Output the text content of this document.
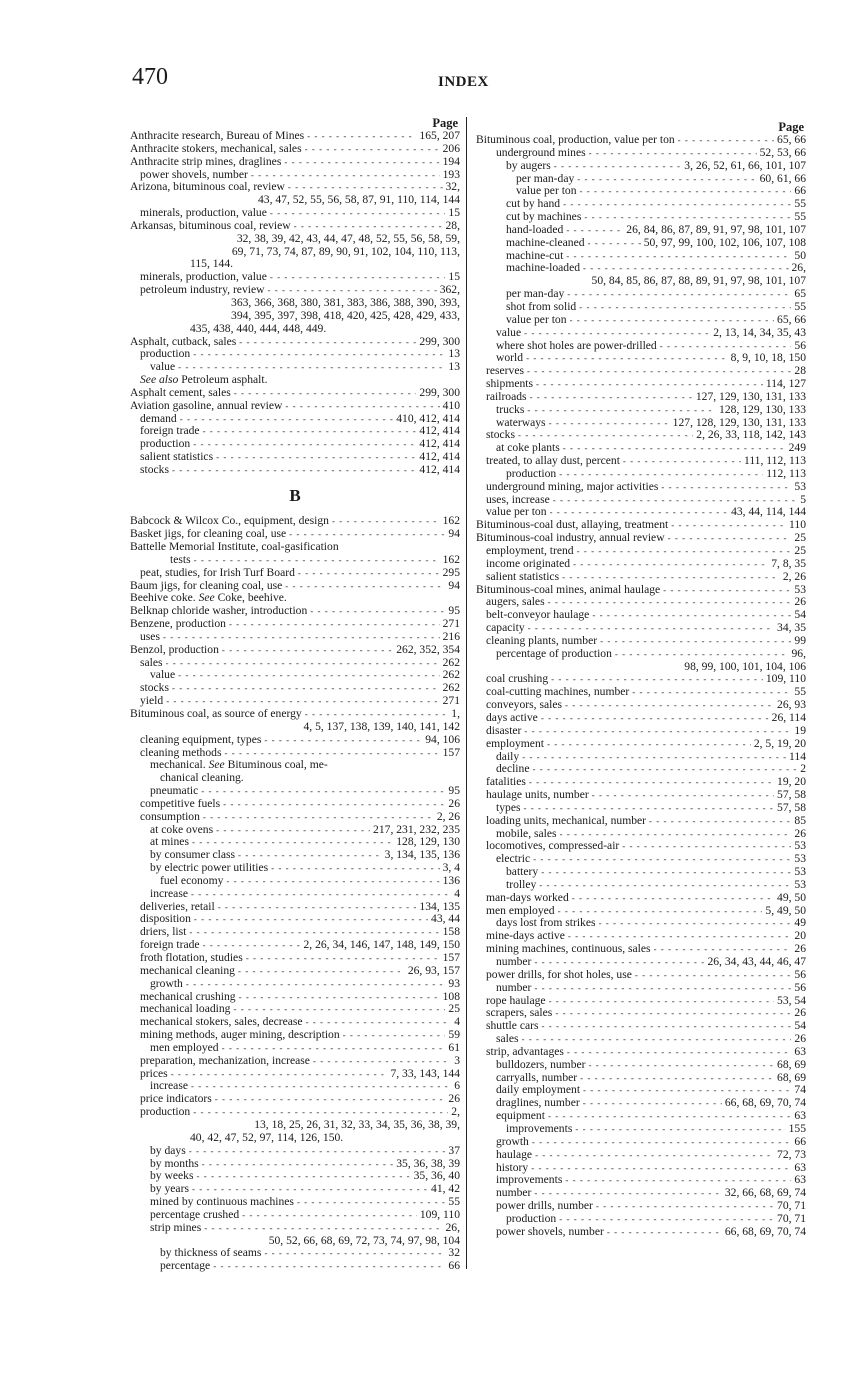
470	INDEX
Page
Anthracite research, Bureau of Mines - - -	165, 207
Anthracite stokers, mechanical, sales - - -	206
Anthracite strip mines, draglines - - -	194
power shovels, number - - -	193
Arizona, bituminous coal, review - - -	32,
43, 47, 52, 55, 56, 58, 87, 91, 110, 114, 144
minerals, production, value - - -	15
Arkansas, bituminous coal, review - - -	28,
32, 38, 39, 42, 43, 44, 47, 48, 52, 55, 56, 58, 59,
69, 71, 73, 74, 87, 89, 90, 91, 102, 104, 110, 113,
115, 144.
minerals, production, value - - -	15
petroleum industry, review - - -	362,
363, 366, 368, 380, 381, 383, 386, 388, 390, 393,
394, 395, 397, 398, 418, 420, 425, 428, 429, 433,
435, 438, 440, 444, 448, 449.
Asphalt, cutback, sales - - -	299, 300
production - - -	13
value - - -	13
See also Petroleum asphalt.
Asphalt cement, sales - - -	299, 300
Aviation gasoline, annual review - - -	410
demand - - -	410, 412, 414
foreign trade - - -	412, 414
production - - -	412, 414
salient statistics - - -	412, 414
stocks - - -	412, 414
B
Babcock & Wilcox Co., equipment, design - - -	162
Basket jigs, for cleaning coal, use - - -	94
Battelle Memorial Institute, coal-gasification
tests - - -	162
peat, studies, for Irish Turf Board - - -	295
Baum jigs, for cleaning coal, use - - -	94
Beehive coke. See Coke, beehive.
Belknap chloride washer, introduction - - -	95
Benzene, production - - -	271
uses - - -	216
Benzol, production - - -	262, 352, 354
sales - - -	262
value - - -	262
stocks - - -	262
yield - - -	271
Bituminous coal, as source of energy - - -	1,
4, 5, 137, 138, 139, 140, 141, 142
cleaning equipment, types - - -	94, 106
cleaning methods - - -	157
mechanical. See Bituminous coal, me-
chanical cleaning.
pneumatic - - -	95
competitive fuels - - -	26
consumption - - -	2, 26
at coke ovens - - -	217, 231, 232, 235
at mines - - -	128, 129, 130
by consumer class - - -	3, 134, 135, 136
by electric power utilities - - -	3, 4
fuel economy - - -	136
increase - - -	4
deliveries, retail - - -	134, 135
disposition - - -	43, 44
driers, list - - -	158
foreign trade - - -	2, 26, 34, 146, 147, 148, 149, 150
froth flotation, studies - - -	157
mechanical cleaning - - -	26, 93, 157
growth - - -	93
mechanical crushing - - -	108
mechanical loading - - -	25
mechanical stokers, sales, decrease - - -	4
mining methods, auger mining, description - - -	59
men employed - - -	61
preparation, mechanization, increase - - -	3
prices - - -	7, 33, 143, 144
increase - - -	6
price indicators - - -	26
production - - -	2,
13, 18, 25, 26, 31, 32, 33, 34, 35, 36, 38, 39,
40, 42, 47, 52, 97, 114, 126, 150.
by days - - -	37
by months - - -	35, 36, 38, 39
by weeks - - -	35, 36, 40
by years - - -	41, 42
mined by continuous machines - - -	55
percentage crushed - - -	109, 110
strip mines - - -	26,
50, 52, 66, 68, 69, 72, 73, 74, 97, 98, 104
by thickness of seams - - -	32
percentage - - -	66
Page
Bituminous coal, production, value per ton - - -	65, 66
underground mines - - -	52, 53, 66
by augers - - -	3, 26, 52, 61, 66, 101, 107
per man-day - - -	60, 61, 66
value per ton - - -	66
cut by hand - - -	55
cut by machines - - -	55
hand-loaded - - -	26, 84, 86, 87, 89, 91, 97, 98, 101, 107
machine-cleaned - - -	50, 97, 99, 100, 102, 106, 107, 108
machine-cut - - -	50
machine-loaded - - -	26,
50, 84, 85, 86, 87, 88, 89, 91, 97, 98, 101, 107
per man-day - - -	65
shot from solid - - -	55
value per ton - - -	65, 66
value - - -	2, 13, 14, 34, 35, 43
where shot holes are power-drilled - - -	56
world - - -	8, 9, 10, 18, 150
reserves - - -	28
shipments - - -	114, 127
railroads - - -	127, 129, 130, 131, 133
trucks - - -	128, 129, 130, 133
waterways - - -	127, 128, 129, 130, 131, 133
stocks - - -	2, 26, 33, 118, 142, 143
at coke plants - - -	249
treated, to allay dust, percent - - -	111, 112, 113
production - - -	112, 113
underground mining, major activities - - -	53
uses, increase - - -	5
value per ton - - -	43, 44, 114, 144
Bituminous-coal dust, allaying, treatment - - -	110
Bituminous-coal industry, annual review - - -	25
employment, trend - - -	25
income originated - - -	7, 8, 35
salient statistics - - -	2, 26
Bituminous-coal mines, animal haulage - - -	53
augers, sales - - -	26
belt-conveyor haulage - - -	54
capacity - - -	34, 35
cleaning plants, number - - -	99
percentage of production - - -	96,
98, 99, 100, 101, 104, 106
coal crushing - - -	109, 110
coal-cutting machines, number - - -	55
conveyors, sales - - -	26, 93
days active - - -	26, 114
disaster - - -	19
employment - - -	2, 5, 19, 20
daily - - -	114
decline - - -	2
fatalities - - -	19, 20
haulage units, number - - -	57, 58
types - - -	57, 58
loading units, mechanical, number - - -	85
mobile, sales - - -	26
locomotives, compressed-air - - -	53
electric - - -	53
battery - - -	53
trolley - - -	53
man-days worked - - -	49, 50
men employed - - -	5, 49, 50
days lost from strikes - - -	49
mine-days active - - -	20
mining machines, continuous, sales - - -	26
number - - -	26, 34, 43, 44, 46, 47
power drills, for shot holes, use - - -	56
number - - -	56
rope haulage - - -	53, 54
scrapers, sales - - -	26
shuttle cars - - -	54
sales - - -	26
strip, advantages - - -	63
bulldozers, number - - -	68, 69
carryalls, number - - -	68, 69
daily employment - - -	74
draglines, number - - -	66, 68, 69, 70, 74
equipment - - -	63
improvements - - -	155
growth - - -	66
haulage - - -	72, 73
history - - -	63
improvements - - -	63
number - - -	32, 66, 68, 69, 74
power drills, number - - -	70, 71
production - - -	70, 71
power shovels, number - - -	66, 68, 69, 70, 74
